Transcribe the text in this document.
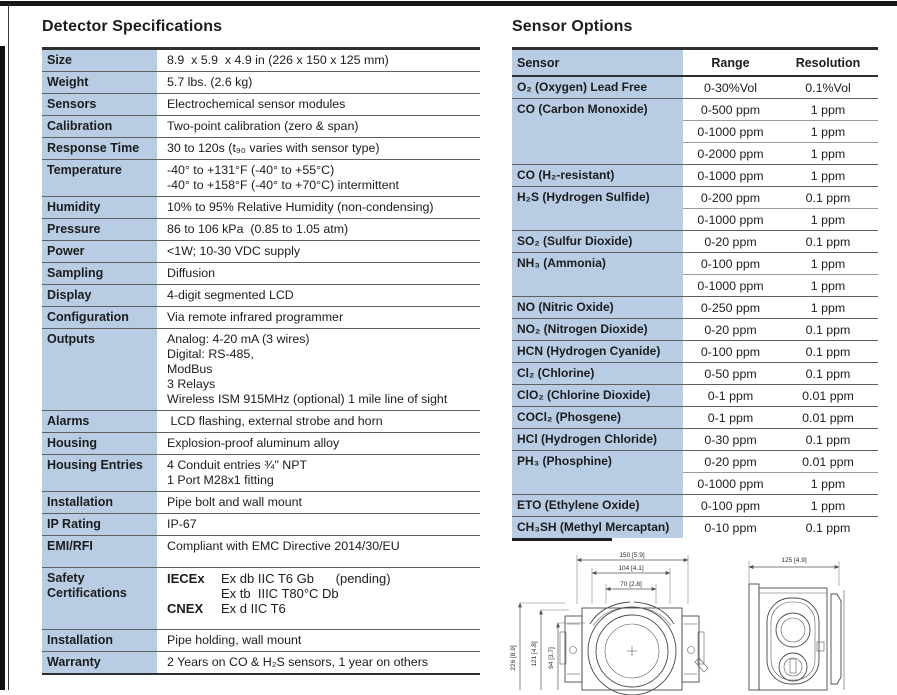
Detector Specifications
Size	8.9  x 5.9  x 4.9 in (226 x 150 x 125 mm)
Weight	5.7 lbs. (2.6 kg)
Sensors	Electrochemical sensor modules
Calibration	Two-point calibration (zero & span)
Response Time	30 to 120s (t₉₀ varies with sensor type)
Temperature	-40° to +131°F (-40° to +55°C)
-40° to +158°F (-40° to +70°C) intermittent
Humidity	10% to 95% Relative Humidity (non-condensing)
Pressure	86 to 106 kPa  (0.85 to 1.05 atm)
Power	<1W; 10-30 VDC supply
Sampling	Diffusion
Display	4-digit segmented LCD
Configuration	Via remote infrared programmer
Outputs	Analog: 4-20 mA (3 wires)
Digital: RS-485,
ModBus
3 Relays
Wireless ISM 915MHz (optional) 1 mile line of sight
Alarms	LCD flashing, external strobe and horn
Housing	Explosion-proof aluminum alloy
Housing Entries	4 Conduit entries ¾" NPT
1 Port M28x1 fitting
Installation	Pipe bolt and wall mount
IP Rating	IP-67
EMI/RFI	Compliant with EMC Directive 2014/30/EU
Safety Certifications
IECEx Ex db IIC T6 Gb      (pending)
Ex tb  IIIC T80°C Db
CNEX Ex d IIC T6
Installation	Pipe holding, wall mount
Warranty	2 Years on CO & H₂S sensors, 1 year on others
Sensor Options
Sensor	Range	Resolution
O₂ (Oxygen) Lead Free	0-30%Vol	0.1%Vol
CO (Carbon Monoxide)	0-500 ppm	1 ppm
0-1000 ppm	1 ppm
0-2000 ppm	1 ppm
CO (H₂-resistant)	0-1000 ppm	1 ppm
H₂S (Hydrogen Sulfide)	0-200 ppm	0.1 ppm
0-1000 ppm	1 ppm
SO₂ (Sulfur Dioxide)	0-20 ppm	0.1 ppm
NH₃ (Ammonia)	0-100 ppm	1 ppm
0-1000 ppm	1 ppm
NO (Nitric Oxide)	0-250 ppm	1 ppm
NO₂ (Nitrogen Dioxide)	0-20 ppm	0.1 ppm
HCN (Hydrogen Cyanide)	0-100 ppm	0.1 ppm
Cl₂ (Chlorine)	0-50 ppm	0.1 ppm
ClO₂ (Chlorine Dioxide)	0-1 ppm	0.01 ppm
COCl₂ (Phosgene)	0-1 ppm	0.01 ppm
HCl (Hydrogen Chloride)	0-30 ppm	0.1 ppm
PH₃ (Phosphine)	0-20 ppm	0.01 ppm
0-1000 ppm	1 ppm
ETO (Ethylene Oxide)	0-100 ppm	1 ppm
CH₃SH (Methyl Mercaptan)	0-10 ppm	0.1 ppm
150 [5.9]
104 [4.1]
70 [2.8]
226 [8.9] 121 [4.8] 94 [3.7]
125 [4.9]
